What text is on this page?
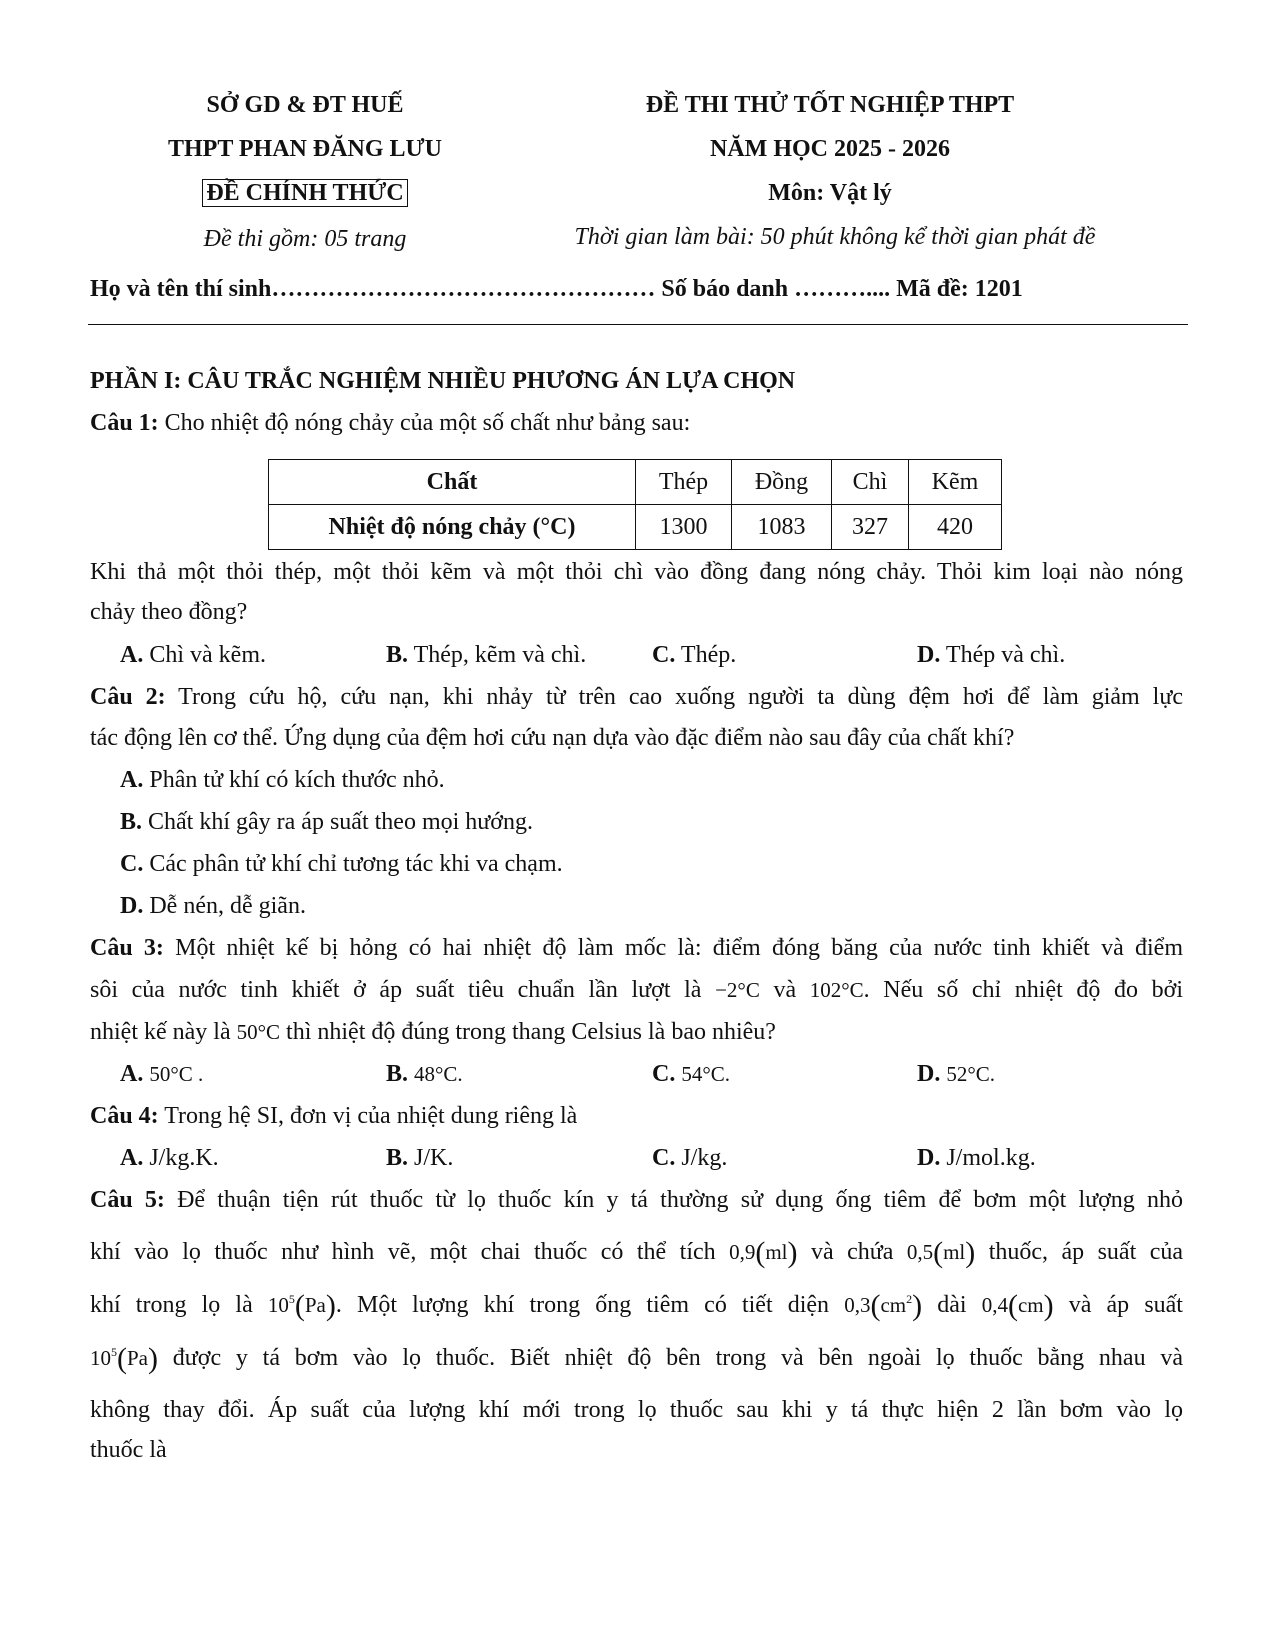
SỞ GD & ĐT HUẾ
THPT PHAN ĐĂNG LƯU
ĐỀ CHÍNH THỨC
Đề thi gồm: 05 trang
ĐỀ THI THỬ TỐT NGHIỆP THPT
NĂM HỌC 2025 - 2026
Môn: Vật lý
Thời gian làm bài: 50 phút không kể thời gian phát đề
Họ và tên thí sinh………………………………………… Số báo danh ……….... Mã đề: 1201
PHẦN I: CÂU TRẮC NGHIỆM NHIỀU PHƯƠNG ÁN LỰA CHỌN
Câu 1: Cho nhiệt độ nóng chảy của một số chất như bảng sau:
Chất	Thép	Đồng	Chì	Kẽm
Nhiệt độ nóng chảy (°C)	1300	1083	327	420
Khi thả một thỏi thép, một thỏi kẽm và một thỏi chì vào đồng đang nóng chảy. Thỏi kim loại nào nóng
chảy theo đồng?
A. Chì và kẽm.	B. Thép, kẽm và chì.	C. Thép.	D. Thép và chì.
Câu 2: Trong cứu hộ, cứu nạn, khi nhảy từ trên cao xuống người ta dùng đệm hơi để làm giảm lực
tác động lên cơ thể. Ứng dụng của đệm hơi cứu nạn dựa vào đặc điểm nào sau đây của chất khí?
A. Phân tử khí có kích thước nhỏ.
B. Chất khí gây ra áp suất theo mọi hướng.
C. Các phân tử khí chỉ tương tác khi va chạm.
D. Dễ nén, dễ giãn.
Câu 3: Một nhiệt kế bị hỏng có hai nhiệt độ làm mốc là: điểm đóng băng của nước tinh khiết và điểm
sôi của nước tinh khiết ở áp suất tiêu chuẩn lần lượt là −2°C và 102°C. Nếu số chỉ nhiệt độ đo bởi
nhiệt kế này là 50°C thì nhiệt độ đúng trong thang Celsius là bao nhiêu?
A. 50°C .	B. 48°C.	C. 54°C.	D. 52°C.
Câu 4: Trong hệ SI, đơn vị của nhiệt dung riêng là
A. J/kg.K.	B. J/K.	C. J/kg.	D. J/mol.kg.
Câu 5: Để thuận tiện rút thuốc từ lọ thuốc kín y tá thường sử dụng ống tiêm để bơm một lượng nhỏ
khí vào lọ thuốc như hình vẽ, một chai thuốc có thể tích 0,9(ml) và chứa 0,5(ml) thuốc, áp suất của
khí trong lọ là $10^5(Pa)$. Một lượng khí trong ống tiêm có tiết diện $0,3(cm^2)$ dài 0,4(cm) và áp suất
$10^5(Pa)$ được y tá bơm vào lọ thuốc. Biết nhiệt độ bên trong và bên ngoài lọ thuốc bằng nhau và
không thay đổi. Áp suất của lượng khí mới trong lọ thuốc sau khi y tá thực hiện 2 lần bơm vào lọ
thuốc là
